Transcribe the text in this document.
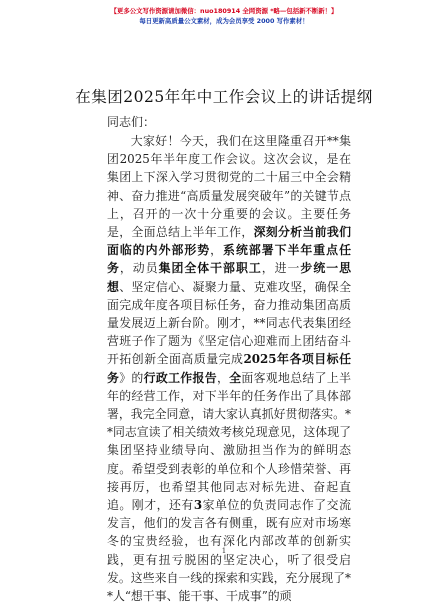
【更多公文写作资源请加微信：nuo180914 全网资源 *略—包括新不断新！】
每日更新高质量公文素材，成为会员享受 2000 写作素材！
在集团2025年年中工作会议上的讲话提纲
同志们：

大家好！今天，我们在这里隆重召开**集团2025年半年度工作会议。这次会议，是在集团上下深入学习贯彻党的二十届三中全会精神、奋力推进“高质量发展突破年”的关键节点上，召开的一次十分重要的会议。主要任务是，全面总结上半年工作，深刻分析当前我们面临的内外部形势，系统部署下半年重点任务，动员集团全体干部职工，进一步统一思想、坚定信心、凝聚力量、克难攻坚，确保全面完成年度各项目标任务，奋力推动集团高质量发展迈上新台阶。刚才，**同志代表集团经营班子作了题为《坚定信心迎难而上团结奋斗开拓创新全面高质量完成2025年各项目标任务》的行政工作报告，全面客观地总结了上半年的经营工作，对下半年的任务作出了具体部署，我完全同意，请大家认真抓好贯彻落实。**同志宣读了相关绩效考核兑现意见，这体现了集团坚持业绩导向、激励担当作为的鲜明态度。希望受到表彰的单位和个人珍惜荣誉、再接再厉，也希望其他同志对标先进、奋起直追。刚才，还有3家单位的负责同志作了交流发言，他们的发言各有侧重，既有应对市场寒冬的宝贵经验，也有深化内部改革的创新实践，更有扭亏脱困的坚定决心，听了很受启发。这些来自一线的探索和实践，充分展现了**人“想干事、能干事、干成事”的顽

1
